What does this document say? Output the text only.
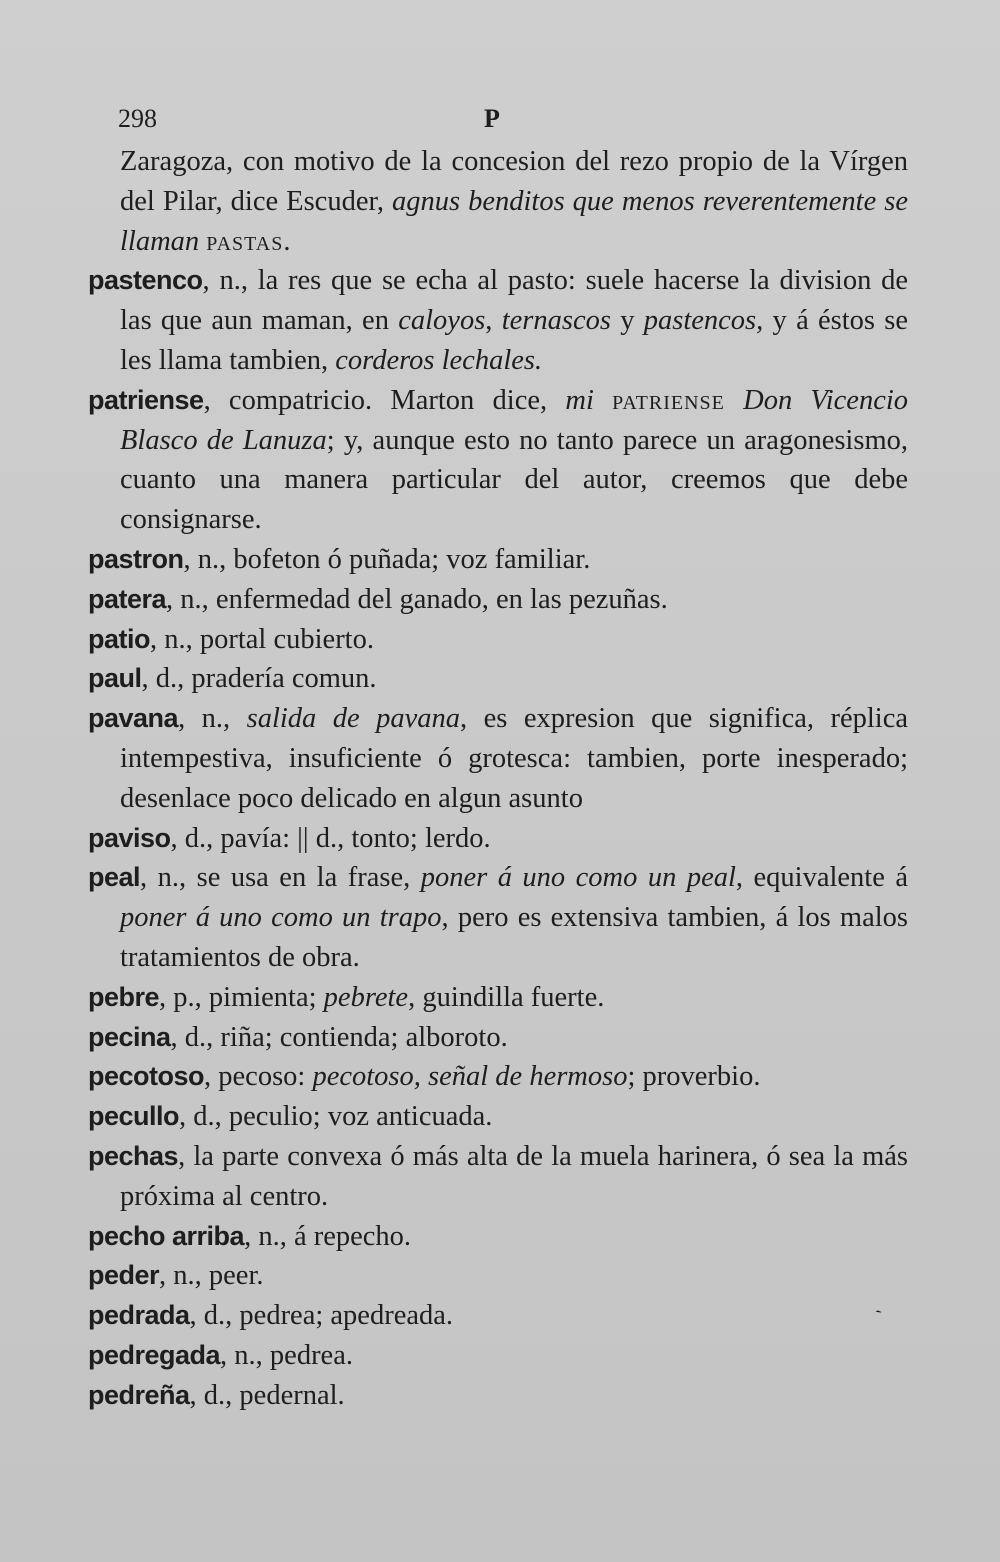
298	P

Zaragoza, con motivo de la concesion del rezo propio de la Vírgen del Pilar, dice Escuder, agnus benditos que menos reverentemente se llaman pastas.

pastenco, n., la res que se echa al pasto: suele hacerse la division de las que aun maman, en caloyos, ternascos y pastencos, y á éstos se les llama tambien, corderos lechales.

patriense, compatricio. Marton dice, mi patriense Don Vicencio Blasco de Lanuza; y, aunque esto no tanto parece un aragonesismo, cuanto una manera particular del autor, creemos que debe consignarse.

pastron, n., bofeton ó puñada; voz familiar.

patera, n., enfermedad del ganado, en las pezuñas.

patio, n., portal cubierto.

paul, d., pradería comun.

pavana, n., salida de pavana, es expresion que significa, réplica intempestiva, insuficiente ó grotesca: tambien, porte inesperado; desenlace poco delicado en algun asunto

paviso, d., pavía: || d., tonto; lerdo.

peal, n., se usa en la frase, poner á uno como un peal, equivalente á poner á uno como un trapo, pero es extensiva tambien, á los malos tratamientos de obra.

pebre, p., pimienta; pebrete, guindilla fuerte.

pecina, d., riña; contienda; alboroto.

pecotoso, pecoso: pecotoso, señal de hermoso; proverbio.

pecullo, d., peculio; voz anticuada.

pechas, la parte convexa ó más alta de la muela harinera, ó sea la más próxima al centro.

pecho arriba, n., á repecho.

peder, n., peer.

pedrada, d., pedrea; apedreada.

pedregada, n., pedrea.

pedreña, d., pedernal.

ˎ
